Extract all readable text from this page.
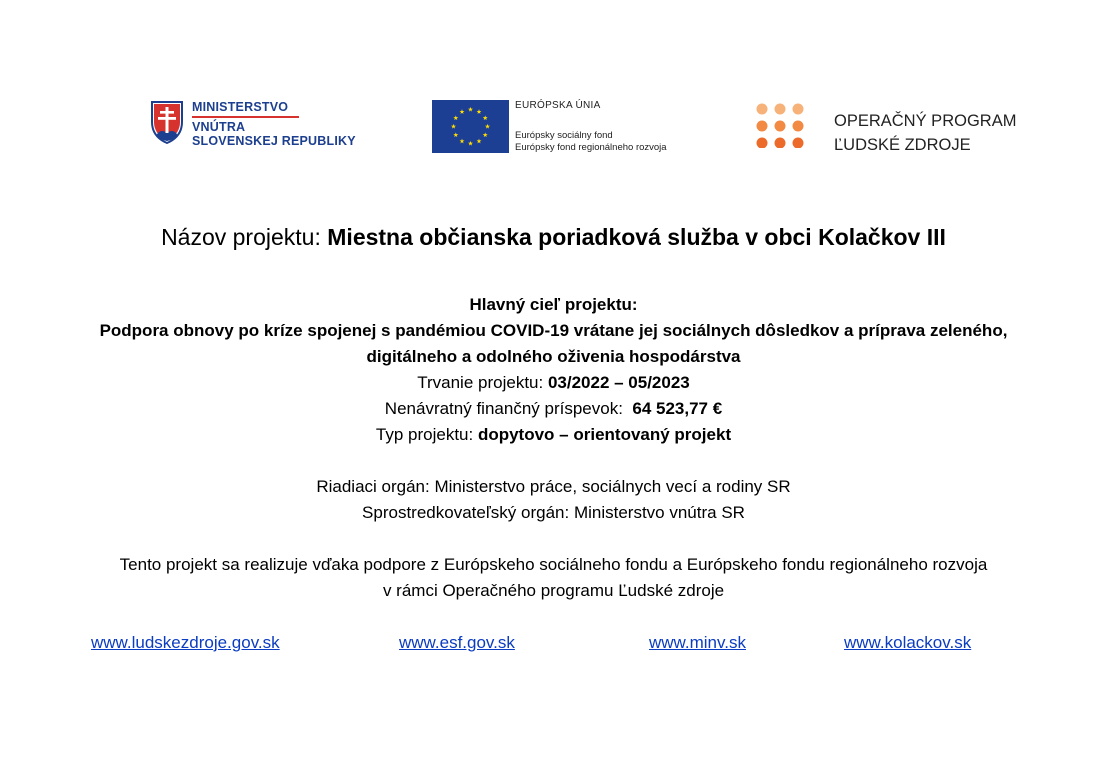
MINISTERSTVO
VNÚTRA
SLOVENSKEJ REPUBLIKY
EURÓPSKA ÚNIA
Európsky sociálny fond
Európsky fond regionálneho rozvoja
OPERAČNÝ PROGRAM
ĽUDSKÉ ZDROJE
Názov projektu: Miestna občianska poriadková služba v obci Kolačkov III
Hlavný cieľ projektu:
Podpora obnovy po kríze spojenej s pandémiou COVID-19 vrátane jej sociálnych dôsledkov a príprava zeleného,
digitálneho a odolného oživenia hospodárstva
Trvanie projektu: 03/2022 – 05/2023
Nenávratný finančný príspevok: 64 523,77 €
Typ projektu: dopytovo – orientovaný projekt
Riadiaci orgán: Ministerstvo práce, sociálnych vecí a rodiny SR
Sprostredkovateľský orgán: Ministerstvo vnútra SR
Tento projekt sa realizuje vďaka podpore z Európskeho sociálneho fondu a Európskeho fondu regionálneho rozvoja
v rámci Operačného programu Ľudské zdroje
www.ludskezdroje.gov.sk	www.esf.gov.sk	www.minv.sk	www.kolackov.sk
